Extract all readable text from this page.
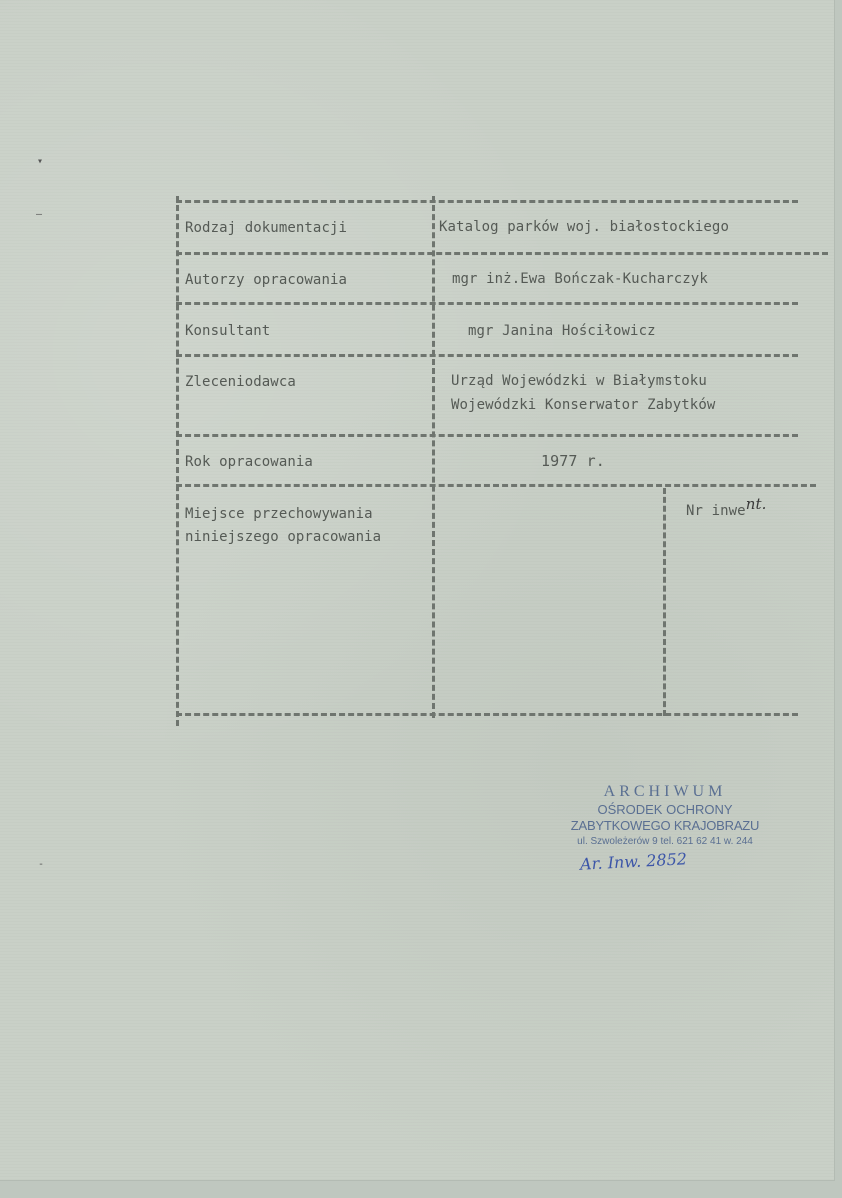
▾
–
-
Rodzaj dokumentacji
Autorzy opracowania
Konsultant
Zleceniodawca
Rok opracowania
Miejsce przechowywania
niniejszego opracowania
Katalog parków woj. białostockiego
mgr inż.Ewa Bończak-Kucharczyk
mgr Janina Hościłowicz
Urząd Wojewódzki w Białymstoku
Wojewódzki Konserwator Zabytków
1977 r.
Nr inwent.
ARCHIWUM
OŚRODEK OCHRONY
ZABYTKOWEGO KRAJOBRAZU
ul. Szwoleżerów 9 tel. 621 62 41 w. 244
Ar. Inw. 2852
